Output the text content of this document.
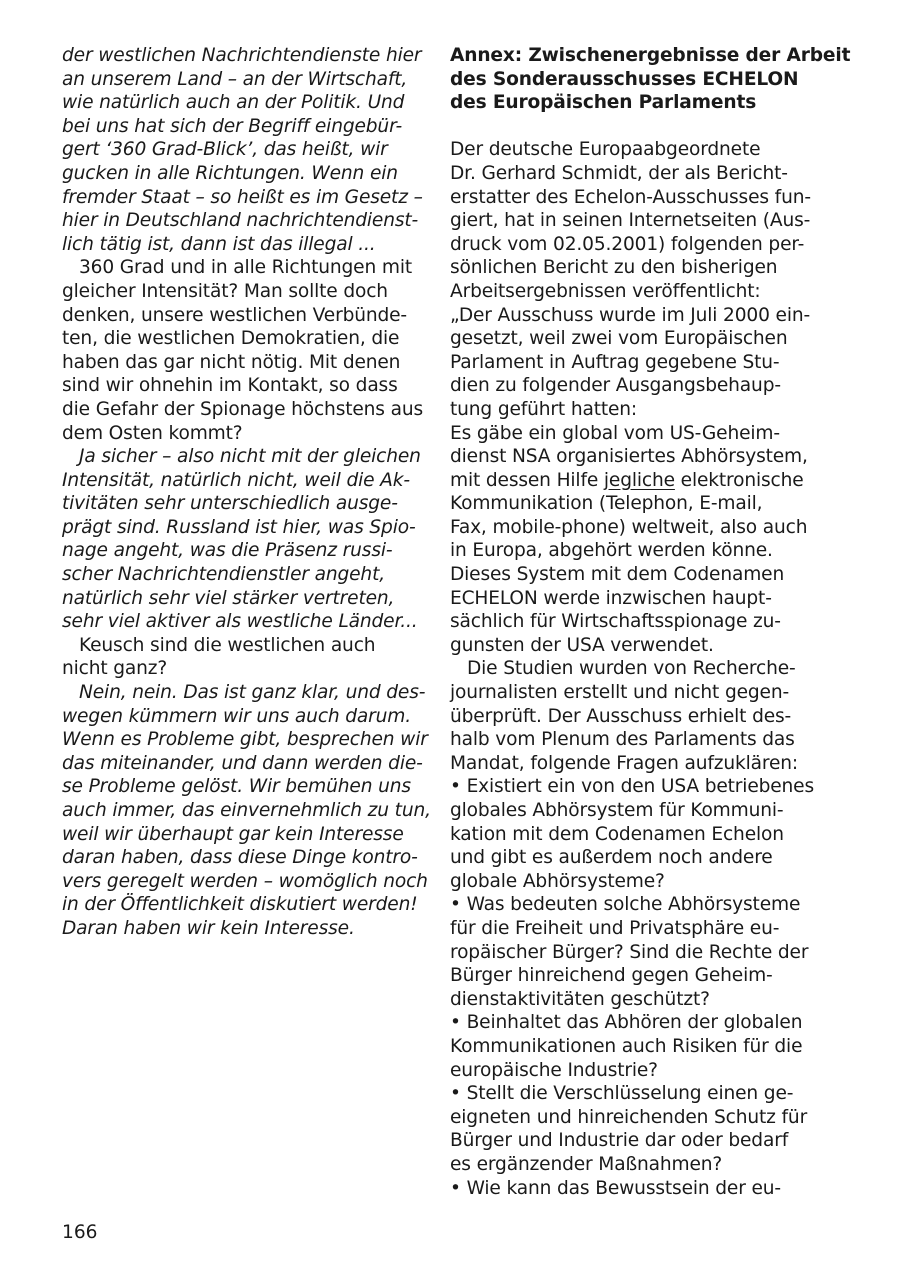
der westlichen Nachrichtendienste hier
an unserem Land – an der Wirtschaft,
wie natürlich auch an der Politik. Und
bei uns hat sich der Begriff eingebür-
gert ‘360 Grad-Blick’, das heißt, wir
gucken in alle Richtungen. Wenn ein
fremder Staat – so heißt es im Gesetz –
hier in Deutschland nachrichtendienst-
lich tätig ist, dann ist das illegal ...
360 Grad und in alle Richtungen mit
gleicher Intensität? Man sollte doch
denken, unsere westlichen Verbünde-
ten, die westlichen Demokratien, die
haben das gar nicht nötig. Mit denen
sind wir ohnehin im Kontakt, so dass
die Gefahr der Spionage höchstens aus
dem Osten kommt?
Ja sicher – also nicht mit der gleichen
Intensität, natürlich nicht, weil die Ak-
tivitäten sehr unterschiedlich ausge-
prägt sind. Russland ist hier, was Spio-
nage angeht, was die Präsenz russi-
scher Nachrichtendienstler angeht,
natürlich sehr viel stärker vertreten,
sehr viel aktiver als westliche Länder...
Keusch sind die westlichen auch
nicht ganz?
Nein, nein. Das ist ganz klar, und des-
wegen kümmern wir uns auch darum.
Wenn es Probleme gibt, besprechen wir
das miteinander, und dann werden die-
se Probleme gelöst. Wir bemühen uns
auch immer, das einvernehmlich zu tun,
weil wir überhaupt gar kein Interesse
daran haben, dass diese Dinge kontro-
vers geregelt werden – womöglich noch
in der Öffentlichkeit diskutiert werden!
Daran haben wir kein Interesse.
Annex: Zwischenergebnisse der Arbeit
des Sonderausschusses ECHELON
des Europäischen Parlaments
Der deutsche Europaabgeordnete
Dr. Gerhard Schmidt, der als Bericht-
erstatter des Echelon-Ausschusses fun-
giert, hat in seinen Internetseiten (Aus-
druck vom 02.05.2001) folgenden per-
sönlichen Bericht zu den bisherigen
Arbeitsergebnissen veröffentlicht:
„Der Ausschuss wurde im Juli 2000 ein-
gesetzt, weil zwei vom Europäischen
Parlament in Auftrag gegebene Stu-
dien zu folgender Ausgangsbehaup-
tung geführt hatten:
Es gäbe ein global vom US-Geheim-
dienst NSA organisiertes Abhörsystem,
mit dessen Hilfe jegliche elektronische
Kommunikation (Telephon, E-mail,
Fax, mobile-phone) weltweit, also auch
in Europa, abgehört werden könne.
Dieses System mit dem Codenamen
ECHELON werde inzwischen haupt-
sächlich für Wirtschaftsspionage zu-
gunsten der USA verwendet.
Die Studien wurden von Recherche-
journalisten erstellt und nicht gegen-
überprüft. Der Ausschuss erhielt des-
halb vom Plenum des Parlaments das
Mandat, folgende Fragen aufzuklären:
• Existiert ein von den USA betriebenes
globales Abhörsystem für Kommuni-
kation mit dem Codenamen Echelon
und gibt es außerdem noch andere
globale Abhörsysteme?
• Was bedeuten solche Abhörsysteme
für die Freiheit und Privatsphäre eu-
ropäischer Bürger? Sind die Rechte der
Bürger hinreichend gegen Geheim-
dienstaktivitäten geschützt?
• Beinhaltet das Abhören der globalen
Kommunikationen auch Risiken für die
europäische Industrie?
• Stellt die Verschlüsselung einen ge-
eigneten und hinreichenden Schutz für
Bürger und Industrie dar oder bedarf
es ergänzender Maßnahmen?
• Wie kann das Bewusstsein der eu-
166
